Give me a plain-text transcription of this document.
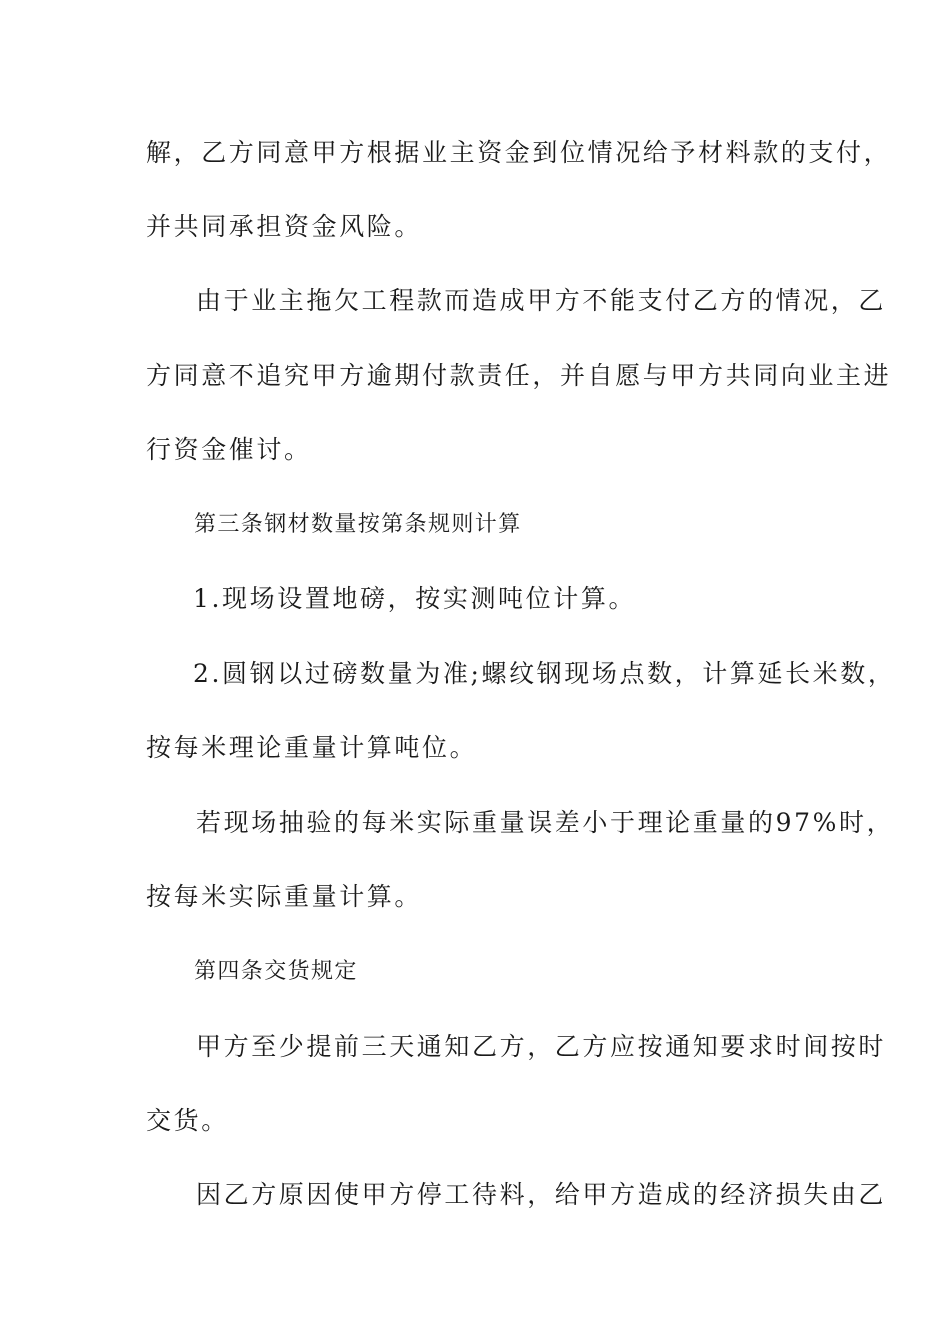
解，乙方同意甲方根据业主资金到位情况给予材料款的支付，
并共同承担资金风险。
由于业主拖欠工程款而造成甲方不能支付乙方的情况，乙
方同意不追究甲方逾期付款责任，并自愿与甲方共同向业主进
行资金催讨。
第三条钢材数量按第条规则计算
1.现场设置地磅，按实测吨位计算。
2.圆钢以过磅数量为准;螺纹钢现场点数，计算延长米数，
按每米理论重量计算吨位。
若现场抽验的每米实际重量误差小于理论重量的97%时，
按每米实际重量计算。
第四条交货规定
甲方至少提前三天通知乙方，乙方应按通知要求时间按时
交货。
因乙方原因使甲方停工待料，给甲方造成的经济损失由乙
